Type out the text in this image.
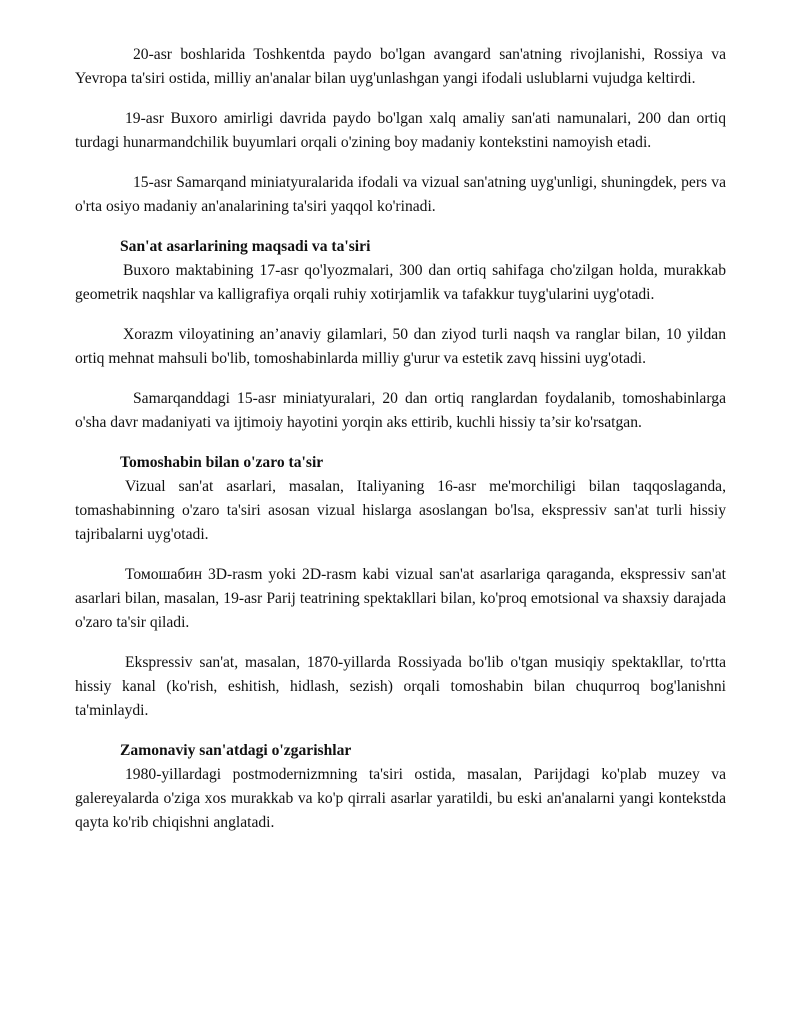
20-asr boshlarida Toshkentda paydo bo'lgan avangard san'atning rivojlanishi, Rossiya va Yevropa ta'siri ostida, milliy an'analar bilan uyg'unlashgan yangi ifodali uslublarni vujudga keltirdi.

19-asr Buxoro amirligi davrida paydo bo'lgan xalq amaliy san'ati namunalari, 200 dan ortiq turdagi hunarmandchilik buyumlari orqali o'zining boy madaniy kontekstini namoyish etadi.

15-asr Samarqand miniatyuralarida ifodali va vizual san'atning uyg'unligi, shuningdek, pers va o'rta osiyo madaniy an'analarining ta'siri yaqqol ko'rinadi.

San'at asarlarining maqsadi va ta'siri

Buxoro maktabining 17-asr qo'lyozmalari, 300 dan ortiq sahifaga cho'zilgan holda, murakkab geometrik naqshlar va kalligrafiya orqali ruhiy xotirjamlik va tafakkur tuyg'ularini uyg'otadi.

Xorazm viloyatining an’anaviy gilamlari, 50 dan ziyod turli naqsh va ranglar bilan, 10 yildan ortiq mehnat mahsuli bo'lib, tomoshabinlarda milliy g'urur va estetik zavq hissini uyg'otadi.

Samarqanddagi 15-asr miniatyuralari, 20 dan ortiq ranglardan foydalanib, tomoshabinlarga o'sha davr madaniyati va ijtimoiy hayotini yorqin aks ettirib, kuchli hissiy ta’sir ko'rsatgan.

Tomoshabin bilan o'zaro ta'sir

Vizual san'at asarlari, masalan, Italiyaning 16-asr me'morchiligi bilan taqqoslaganda, tomashabinning o'zaro ta'siri asosan vizual hislarga asoslangan bo'lsa, ekspressiv san'at turli hissiy tajribalarni uyg'otadi.

Томошабин 3D-rasm yoki 2D-rasm kabi vizual san'at asarlariga qaraganda, ekspressiv san'at asarlari bilan, masalan, 19-asr Parij teatrining spektakllari bilan, ko'proq emotsional va shaxsiy darajada o'zaro ta'sir qiladi.

Ekspressiv san'at, masalan, 1870-yillarda Rossiyada bo'lib o'tgan musiqiy spektakllar, to'rtta hissiy kanal (ko'rish, eshitish, hidlash, sezish) orqali tomoshabin bilan chuqurroq bog'lanishni ta'minlaydi.

Zamonaviy san'atdagi o'zgarishlar

1980-yillardagi postmodernizmning ta'siri ostida, masalan, Parijdagi ko'plab muzey va galereyalarda o'ziga xos murakkab va ko'p qirrali asarlar yaratildi, bu eski an'analarni yangi kontekstda qayta ko'rib chiqishni anglatadi.
